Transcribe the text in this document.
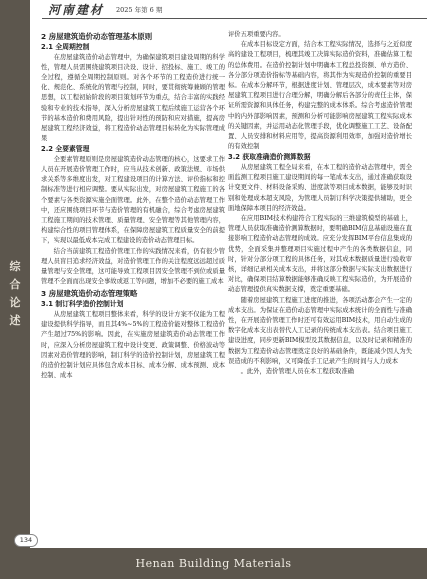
综
合
论
述
河南建材 2025 年第 6 期
2 房屋建筑造价动态管理基本原则
2.1 全周期控制
在房屋建筑造价动态管理中，为确保建筑项目建设周期的科学性，管理人员需围绕建筑项目决设、设计、招投标、施工、竣工的全过程，遵循全周期控制原则。对各个环节的工程造价进行统一化、规范化、系统化的管理与控制，同时，要贯彻统筹兼顾的管理思想，以工程初始阶段的项目策划环节为重点，结合丰富的实践经验和专业的技术指导，深入分析房屋建筑工程后续施工运营各个环节的基本造价和费用风险，提出针对性的预防和应对措施，提高房屋建筑工程经济效益，将工程造价动态管理目标转化为实际管理成果
2.2 全要素管理
全要素管理原则是房屋建筑造价动态管理的核心，这要求工作人员在开展造价管理工作时，应当从技术创新、政策法规、市场供求关系等多维度出发，对工程建设项目的计算方法、评价指标和控制标准等进行相应调整。要从实际出发，对房屋建筑工程施工的各个要素与各类资源实施全面管理。此外，在整个造价动态管理工作中，还应围绕项目环节与造价管理的有机融合，综合考虑房屋建筑工程施工期间的技术管理、质量管理、安全管理等其他管理内容，构建综合性的项目管理体系，在保障房屋建筑工程质量安全的前提下，实现以最低成本完成工程建设的造价动态管理目标。
结合当前建筑工程造价管理工作的实践情况来看，仍有很少管理人员盲目追求经济效益，对造价管理工作的关注程度远远超过质量管理与安全管理，这可能导致工程项目因安全管理不到位或质量管理不全面而出现安全事故或返工等问题，增加不必要的施工成本
3 房屋建筑造价动态管理策略
3.1 制订科学造价控制计划
从房屋建筑工程项目整体来看，科学的设计方案不仅能为工程建设提供科学指导，而且其4%~5%的工程造价能对整体工程造价产生超过75%的影响。因此，在实施房屋建筑造价动态管理工作时，应深入分析房屋建筑工程中设计变更、政策调整、价格波动等因素对造价管理的影响，制订科学的造价控制计划，房屋建筑工程的造价控制计划应具体包含成本目标、成本分解、成本预测、成本控制、成本
评价五项重要内容。
在成本目标设定方面，结合本工程实际情况，选择与之近似度高的建设工程项目，梳理其竣工决算实际造价资料，准确估算工程的总体费用。在造价控制计划中明确本工程总投资额、单方造价、各分部分项造价指标等基础内容，将其作为实现造价控制的重要目标。在成本分解环节，根据进度计划、管理层次，成本要素等对房屋建筑工程项目进行合理分解，明确分解后各部分的责任主体，保证所需资源和具体任务，构建完整的成本体系。综合考虑造价管理中的内外部影响因素，预测和分析可能影响房屋建筑工程实际成本的关键因素，并运用动态化管理手段，优化调整施工工艺、设备配置、人员安排和材料应用等，提高资源利用效率，加强对造价增长的有效控制
3.2 获取准确造价测算数据
从房屋建筑工程全局来看，在本工程的造价动态管理中，需全面监测工程项目施工建设期间的每一笔成本支出，通过准确获取设计变更文件、材料设备采购、进度款等项目成本数据，能够及时识别和处理成本超支风险，为管理人员制订科学决策提供辅助，更全面地保障本项目的经济效益。
在应用BIM技术构建符合工程实际的三维建筑模型的基础上，管理人员获取准确造价测算数据时，要明确BIM信息基础设施在直接影响工程造价动态管理的成效。应充分发挥BIM平台信息集成的优势，全面采集并整理项目实施过程中产生的各类数据信息，同时，针对分部分项工程的具体任务，对其成本数据质量进行验收审核，详细记录相关成本支出，并将这部分数据与实际支出数据进行对比，确保项目结算数据能够准确反映工程实际造价，为开展造价动态管理提供真实数据支撑，奠定重要基础。
随着房屋建筑工程施工进度的推进，各项活动都会产生一定的成本支出。为保证在造价动态管理中实际成本统计的全面性与准确性，在开展造价管理工作时还可有效运用BIM技术，用自动生成的数字化成本支出表替代人工记录的传统成本支出表。结合项目施工建设进度，同步更新BIM模型及其数据信息，以及时记录和精准的数据为工程造价动态管理奠定良好的基础条件，既能减少因人为失误造成的不利影响，又可降低手工记录产生的时间与人力成本
。此外，造价管理人员在本工程获取准确
134
Henan Building Materials
